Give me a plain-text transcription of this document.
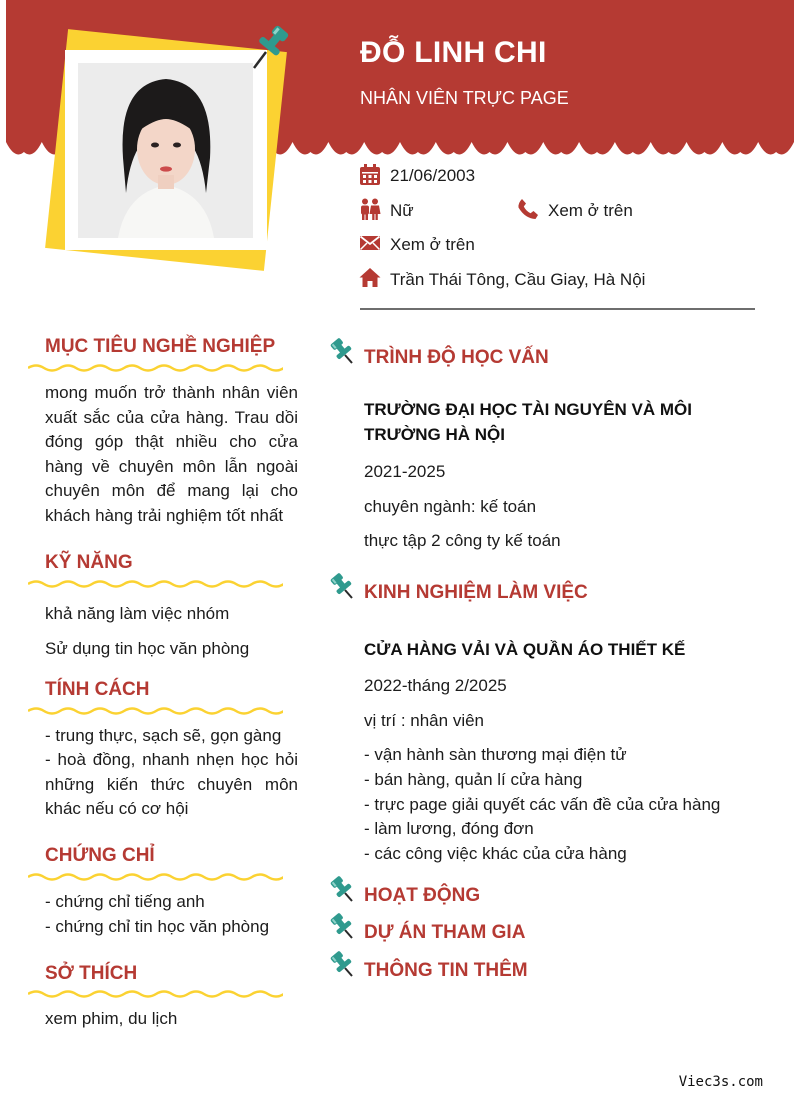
ĐỖ LINH CHI
NHÂN VIÊN TRỰC PAGE
21/06/2003
Nữ	Xem ở trên
Xem ở trên
Trần Thái Tông, Cầu Giay, Hà Nội
MỤC TIÊU NGHỀ NGHIỆP
mong muốn trở thành nhân viên xuất sắc của cửa hàng. Trau dồi đóng góp thật nhiều cho cửa hàng về chuyên môn lẫn ngoài chuyên môn để mang lại cho khách hàng trải nghiệm tốt nhất
KỸ NĂNG
khả năng làm việc nhóm
Sử dụng tin học văn phòng
TÍNH CÁCH
- trung thực, sạch sẽ, gọn gàng
- hoà đồng, nhanh nhẹn học hỏi những kiến thức chuyên môn khác nếu có cơ hội
CHỨNG CHỈ
- chứng chỉ tiếng anh
- chứng chỉ tin học văn phòng
SỞ THÍCH
xem phim, du lịch
TRÌNH ĐỘ HỌC VẤN
TRƯỜNG ĐẠI HỌC TÀI NGUYÊN VÀ MÔI
TRƯỜNG HÀ NỘI
2021-2025
chuyên ngành: kế toán
thực tập 2 công ty kế toán
KINH NGHIỆM LÀM VIỆC
CỬA HÀNG VẢI VÀ QUẦN ÁO THIẾT KẾ
2022-tháng 2/2025
vị trí : nhân viên
- vận hành sàn thương mại điện tử
- bán hàng, quản lí cửa hàng
- trực page giải quyết các vấn đề của cửa hàng
- làm lương, đóng đơn
- các công việc khác của cửa hàng
HOẠT ĐỘNG
DỰ ÁN THAM GIA
THÔNG TIN THÊM
Viec3s.com
